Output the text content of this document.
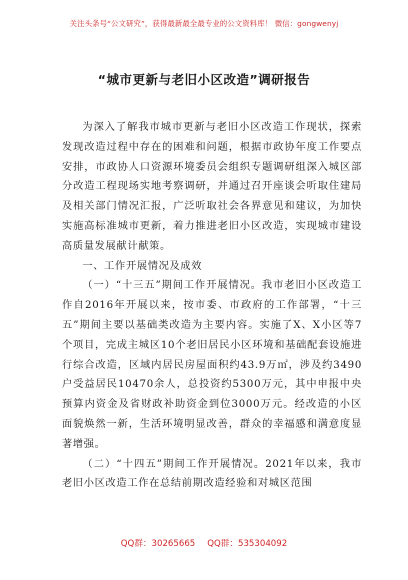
关注头条号“公文研究”，获得最新最全最专业的公文资料库！ 微信：gongwenyj
“城市更新与老旧小区改造”调研报告

为深入了解我市城市更新与老旧小区改造工作现状，探索发现改造过程中存在的困难和问题，根据市政协年度工作要点安排，市政协人口资源环境委员会组织专题调研组深入城区部分改造工程现场实地考察调研，并通过召开座谈会听取住建局及相关部门情况汇报，广泛听取社会各界意见和建议，为加快实施高标准城市更新，着力推进老旧小区改造，实现城市建设高质量发展献计献策。

一、工作开展情况及成效

（一）“十三五”期间工作开展情况。我市老旧小区改造工作自2016年开展以来，按市委、市政府的工作部署，“十三五”期间主要以基础类改造为主要内容。实施了X、X小区等7个项目，完成主城区10个老旧居民小区环境和基础配套设施进行综合改造，区域内居民房屋面积约43.9万㎡，涉及约3490户受益居民10470余人，总投资约5300万元，其中申报中央预算内资金及省财政补助资金到位3000万元。经改造的小区面貌焕然一新，生活环境明显改善，群众的幸福感和满意度显著增强。

（二）“十四五”期间工作开展情况。2021年以来，我市老旧小区改造工作在总结前期改造经验和对城区范围

QQ群：30265665 QQ群：535304092
